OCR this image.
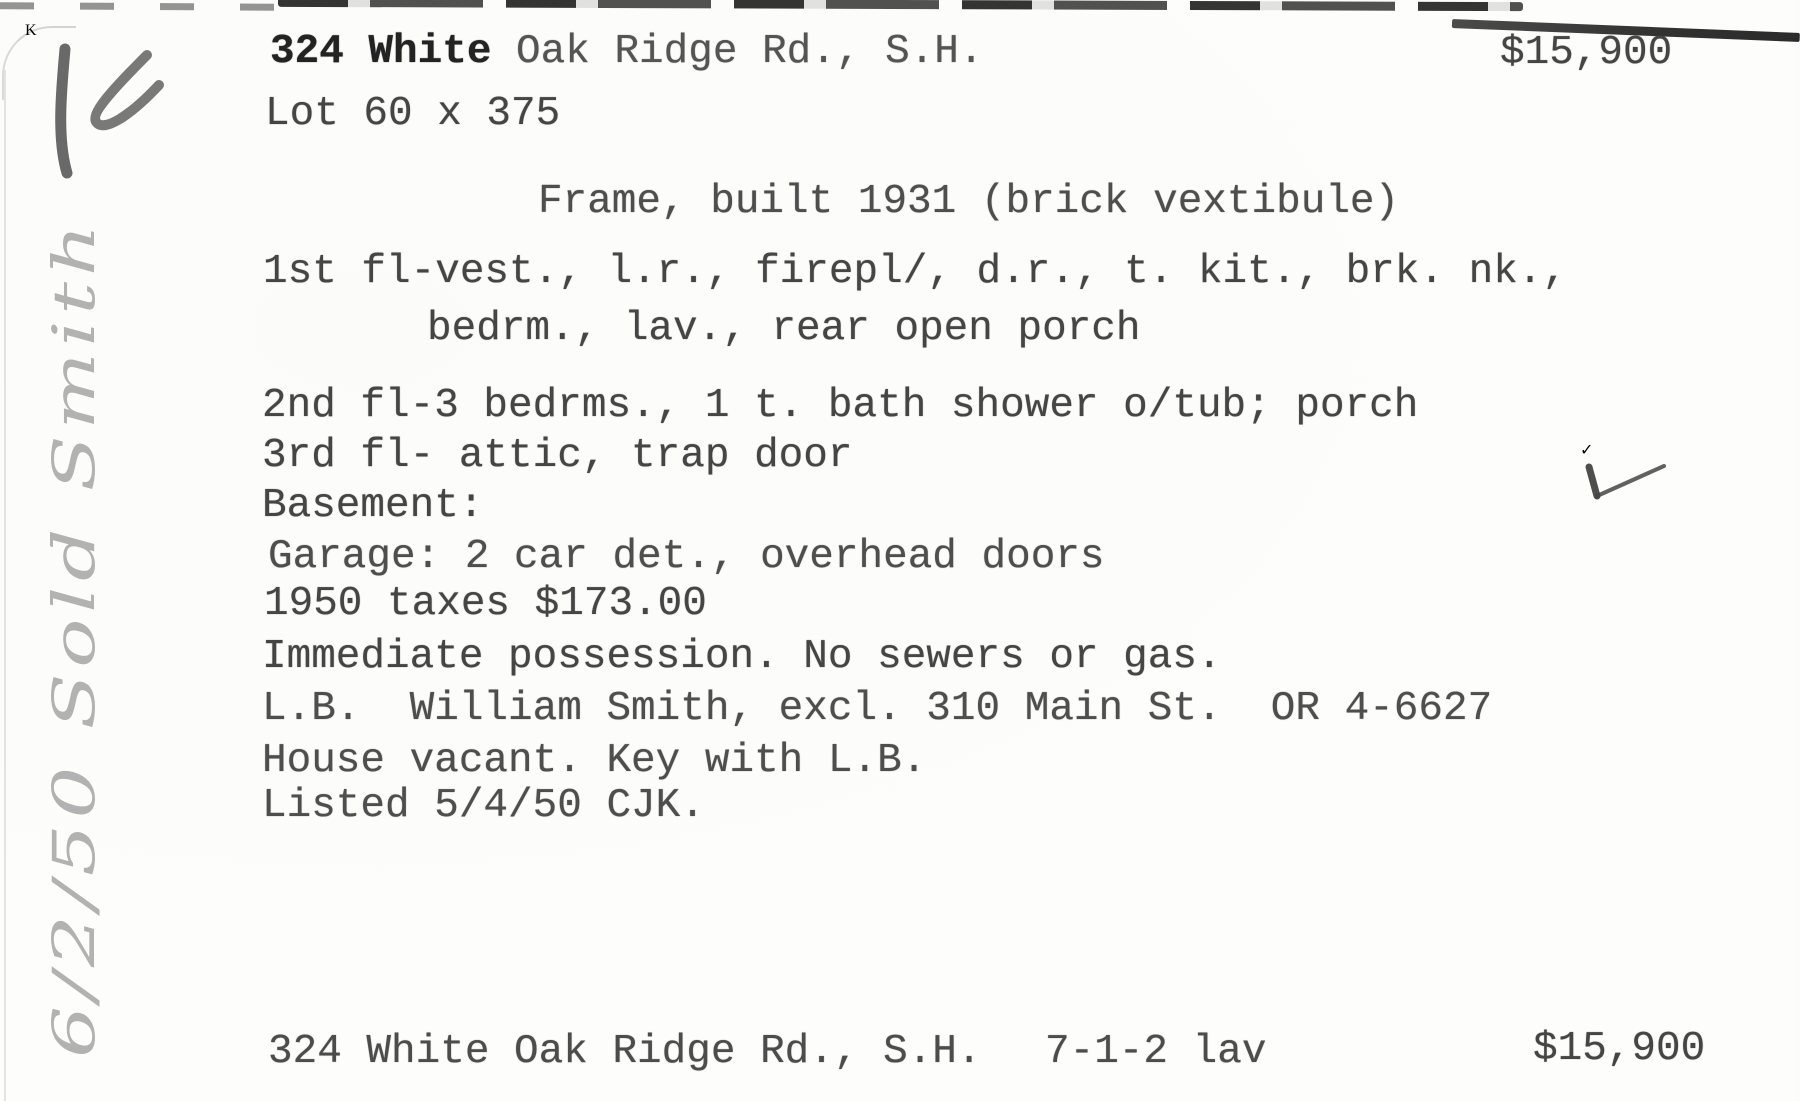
K
6/2/50 Sold Smith
✓
324 White Oak Ridge Rd., S.H.	$15,900
Lot 60 x 375
Frame, built 1931 (brick vextibule)
1st fl-vest., l.r., firepl/, d.r., t. kit., brk. nk.,
bedrm., lav., rear open porch
2nd fl-3 bedrms., 1 t. bath shower o/tub; porch
3rd fl- attic, trap door
Basement:
Garage: 2 car det., overhead doors
1950 taxes $173.00
Immediate possession. No sewers or gas.
L.B.  William Smith, excl. 310 Main St.  OR 4-6627
House vacant. Key with L.B.
Listed 5/4/50 CJK.
324 White Oak Ridge Rd., S.H. 7-1-2 lav	$15,900
